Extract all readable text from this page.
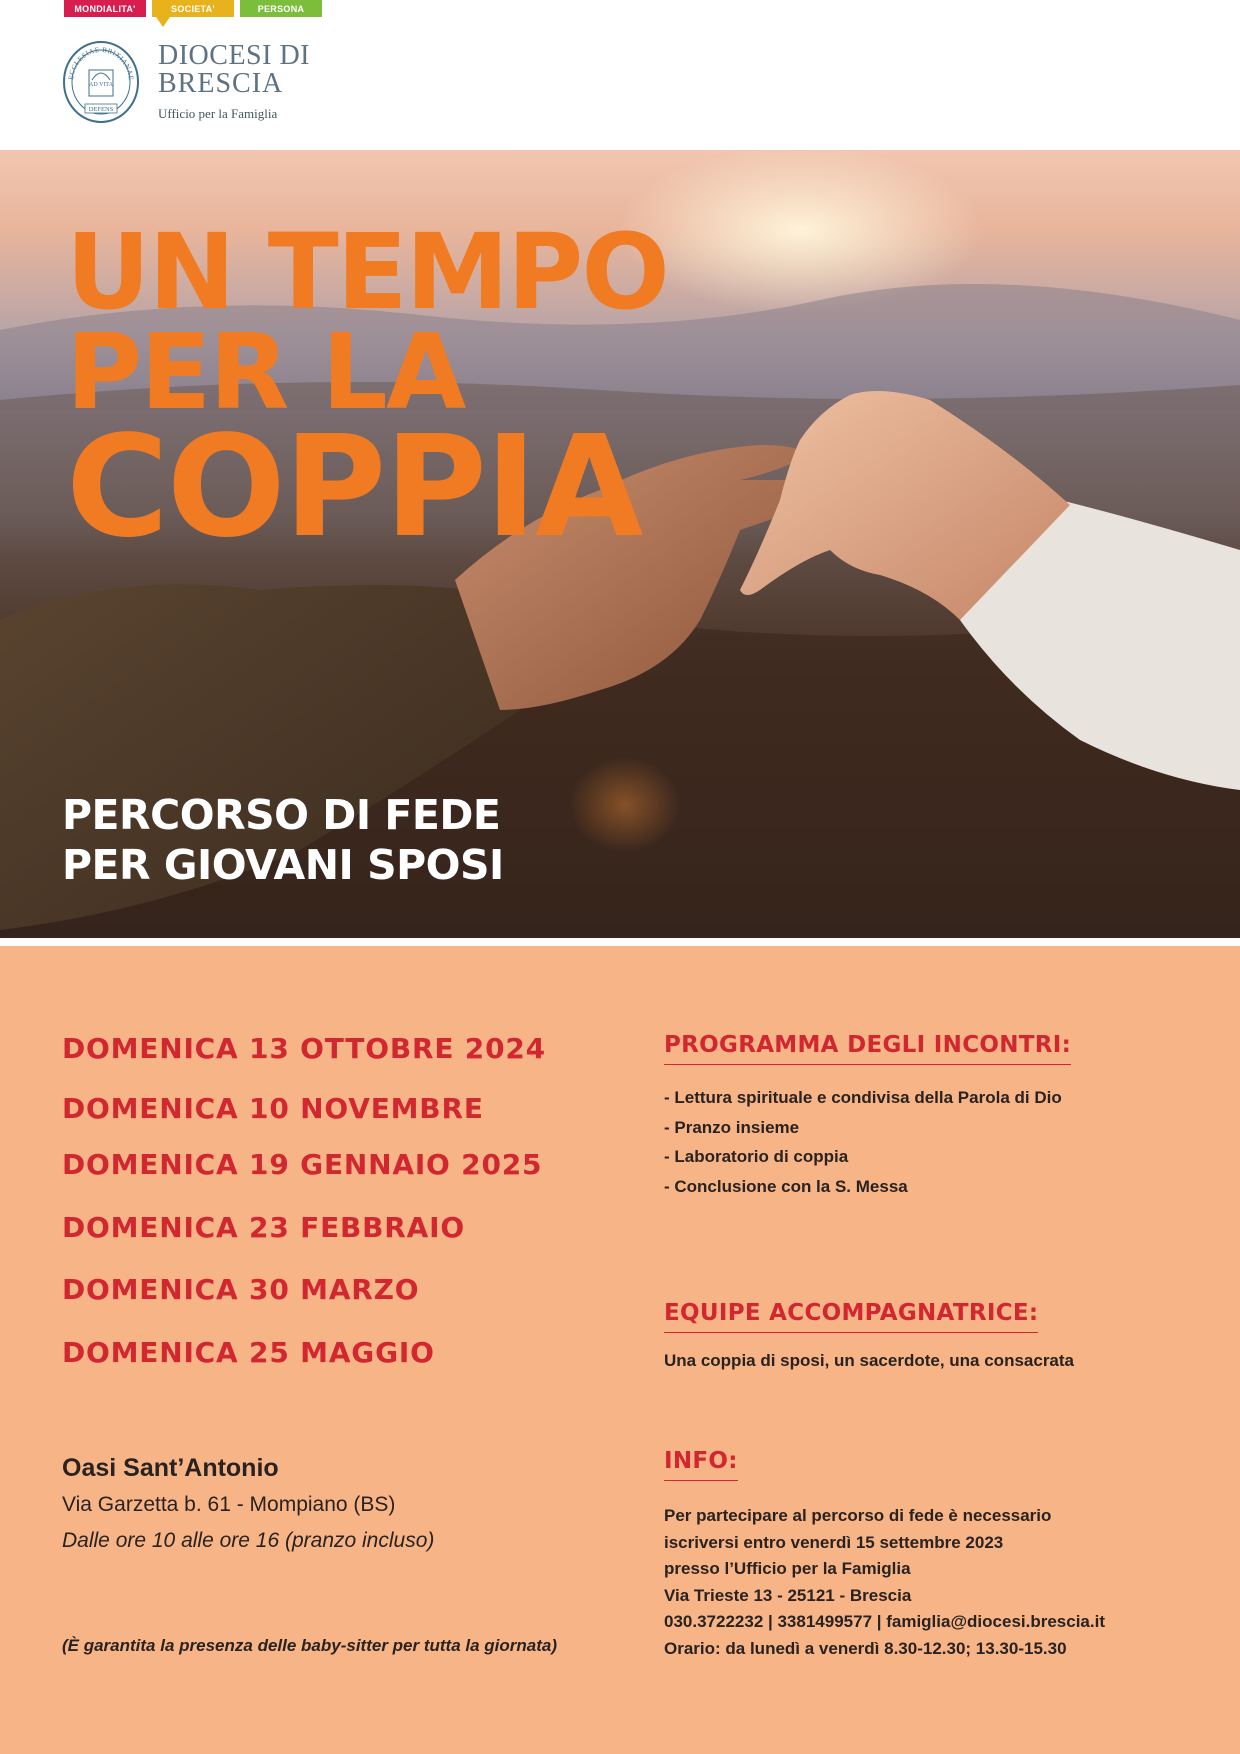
MONDIALITA'	SOCIETA'	PERSONA
ECCLESIAE BRIXIANAE
AD VITA
DEFENS
DIOCESI DI
BRESCIA
Ufficio per la Famiglia
UN TEMPO
PER LA
COPPIA
PERCORSO DI FEDE
PER GIOVANI SPOSI
DOMENICA 13 OTTOBRE 2024
DOMENICA 10 NOVEMBRE
DOMENICA 19 GENNAIO 2025
DOMENICA 23 FEBBRAIO
DOMENICA 30 MARZO
DOMENICA 25 MAGGIO
Oasi Sant’Antonio
Via Garzetta b. 61 - Mompiano (BS)
Dalle ore 10 alle ore 16 (pranzo incluso)
(È garantita la presenza delle baby-sitter per tutta la giornata)
PROGRAMMA DEGLI INCONTRI:
- Lettura spirituale e condivisa della Parola di Dio
- Pranzo insieme
- Laboratorio di coppia
- Conclusione con la S. Messa
EQUIPE ACCOMPAGNATRICE:
Una coppia di sposi, un sacerdote, una consacrata
INFO:
Per partecipare al percorso di fede è necessario
iscriversi entro venerdì 15 settembre 2023
presso l’Ufficio per la Famiglia
Via Trieste 13 - 25121 - Brescia
030.3722232 | 3381499577 | famiglia@diocesi.brescia.it
Orario: da lunedì a venerdì 8.30-12.30; 13.30-15.30
